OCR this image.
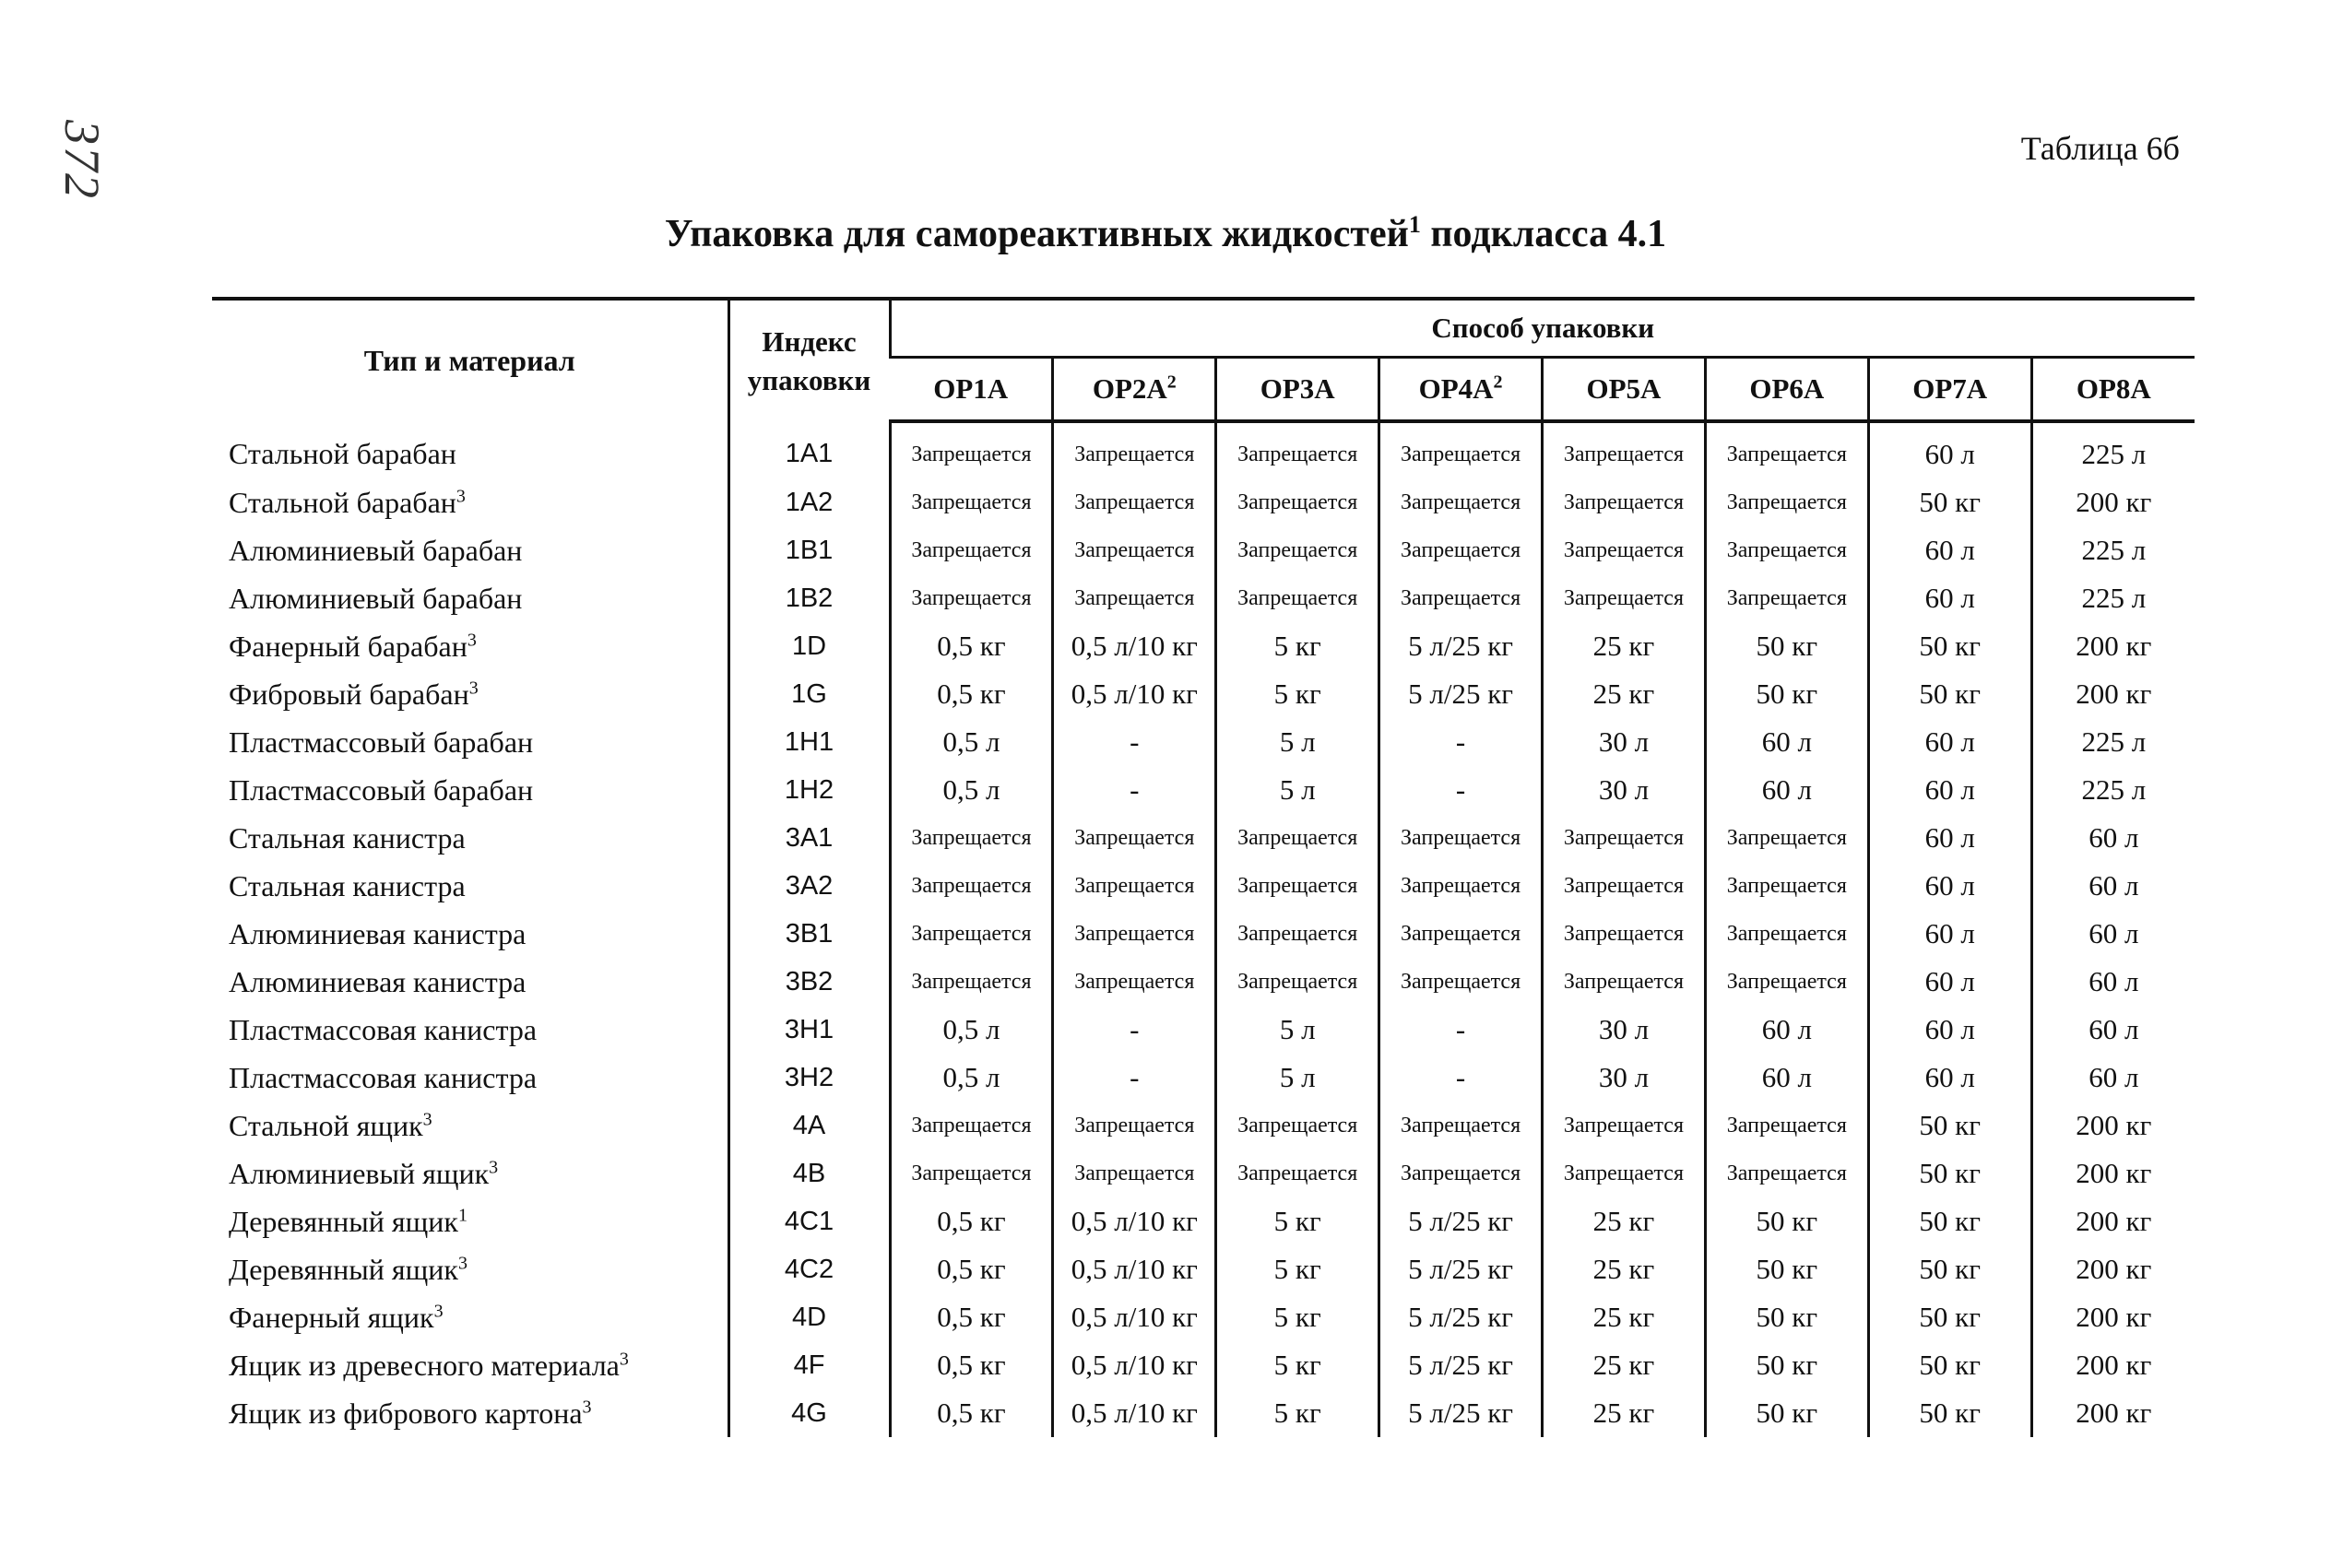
372	Таблица 6б
Упаковка для самореактивных жидкостей$^1$ подкласса 4.1
Тип и материал	Индекс упаковки	Способ упаковки							
		ОР1А	$ОР2А^2$	ОР3А	$ОР4А^2$	ОР5А	ОР6А	ОР7А	ОР8А
Стальной барабан	1A1	Запрещается	Запрещается	Запрещается	Запрещается	Запрещается	Запрещается	60 л	225 л
Стальной барабан$^3$	1A2	Запрещается	Запрещается	Запрещается	Запрещается	Запрещается	Запрещается	50 кг	200 кг
Алюминиевый барабан	1B1	Запрещается	Запрещается	Запрещается	Запрещается	Запрещается	Запрещается	60 л	225 л
Алюминиевый барабан	1B2	Запрещается	Запрещается	Запрещается	Запрещается	Запрещается	Запрещается	60 л	225 л
Фанерный барабан$^3$	1D	0,5 кг	0,5 л/10 кг	5 кг	5 л/25 кг	25 кг	50 кг	50 кг	200 кг
Фибровый барабан$^3$	1G	0,5 кг	0,5 л/10 кг	5 кг	5 л/25 кг	25 кг	50 кг	50 кг	200 кг
Пластмассовый барабан	1H1	0,5 л	-	5 л	-	30 л	60 л	60 л	225 л
Пластмассовый барабан	1H2	0,5 л	-	5 л	-	30 л	60 л	60 л	225 л
Стальная канистра	3A1	Запрещается	Запрещается	Запрещается	Запрещается	Запрещается	Запрещается	60 л	60 л
Стальная канистра	3A2	Запрещается	Запрещается	Запрещается	Запрещается	Запрещается	Запрещается	60 л	60 л
Алюминиевая канистра	3B1	Запрещается	Запрещается	Запрещается	Запрещается	Запрещается	Запрещается	60 л	60 л
Алюминиевая канистра	3B2	Запрещается	Запрещается	Запрещается	Запрещается	Запрещается	Запрещается	60 л	60 л
Пластмассовая канистра	3H1	0,5 л	-	5 л	-	30 л	60 л	60 л	60 л
Пластмассовая канистра	3H2	0,5 л	-	5 л	-	30 л	60 л	60 л	60 л
Стальной ящик$^3$	4A	Запрещается	Запрещается	Запрещается	Запрещается	Запрещается	Запрещается	50 кг	200 кг
Алюминиевый ящик$^3$	4B	Запрещается	Запрещается	Запрещается	Запрещается	Запрещается	Запрещается	50 кг	200 кг
Деревянный ящик$^1$	4C1	0,5 кг	0,5 л/10 кг	5 кг	5 л/25 кг	25 кг	50 кг	50 кг	200 кг
Деревянный ящик$^3$	4C2	0,5 кг	0,5 л/10 кг	5 кг	5 л/25 кг	25 кг	50 кг	50 кг	200 кг
Фанерный ящик$^3$	4D	0,5 кг	0,5 л/10 кг	5 кг	5 л/25 кг	25 кг	50 кг	50 кг	200 кг
Ящик из древесного материала$^3$	4F	0,5 кг	0,5 л/10 кг	5 кг	5 л/25 кг	25 кг	50 кг	50 кг	200 кг
Ящик из фибрового картона$^3$	4G	0,5 кг	0,5 л/10 кг	5 кг	5 л/25 кг	25 кг	50 кг	50 кг	200 кг
